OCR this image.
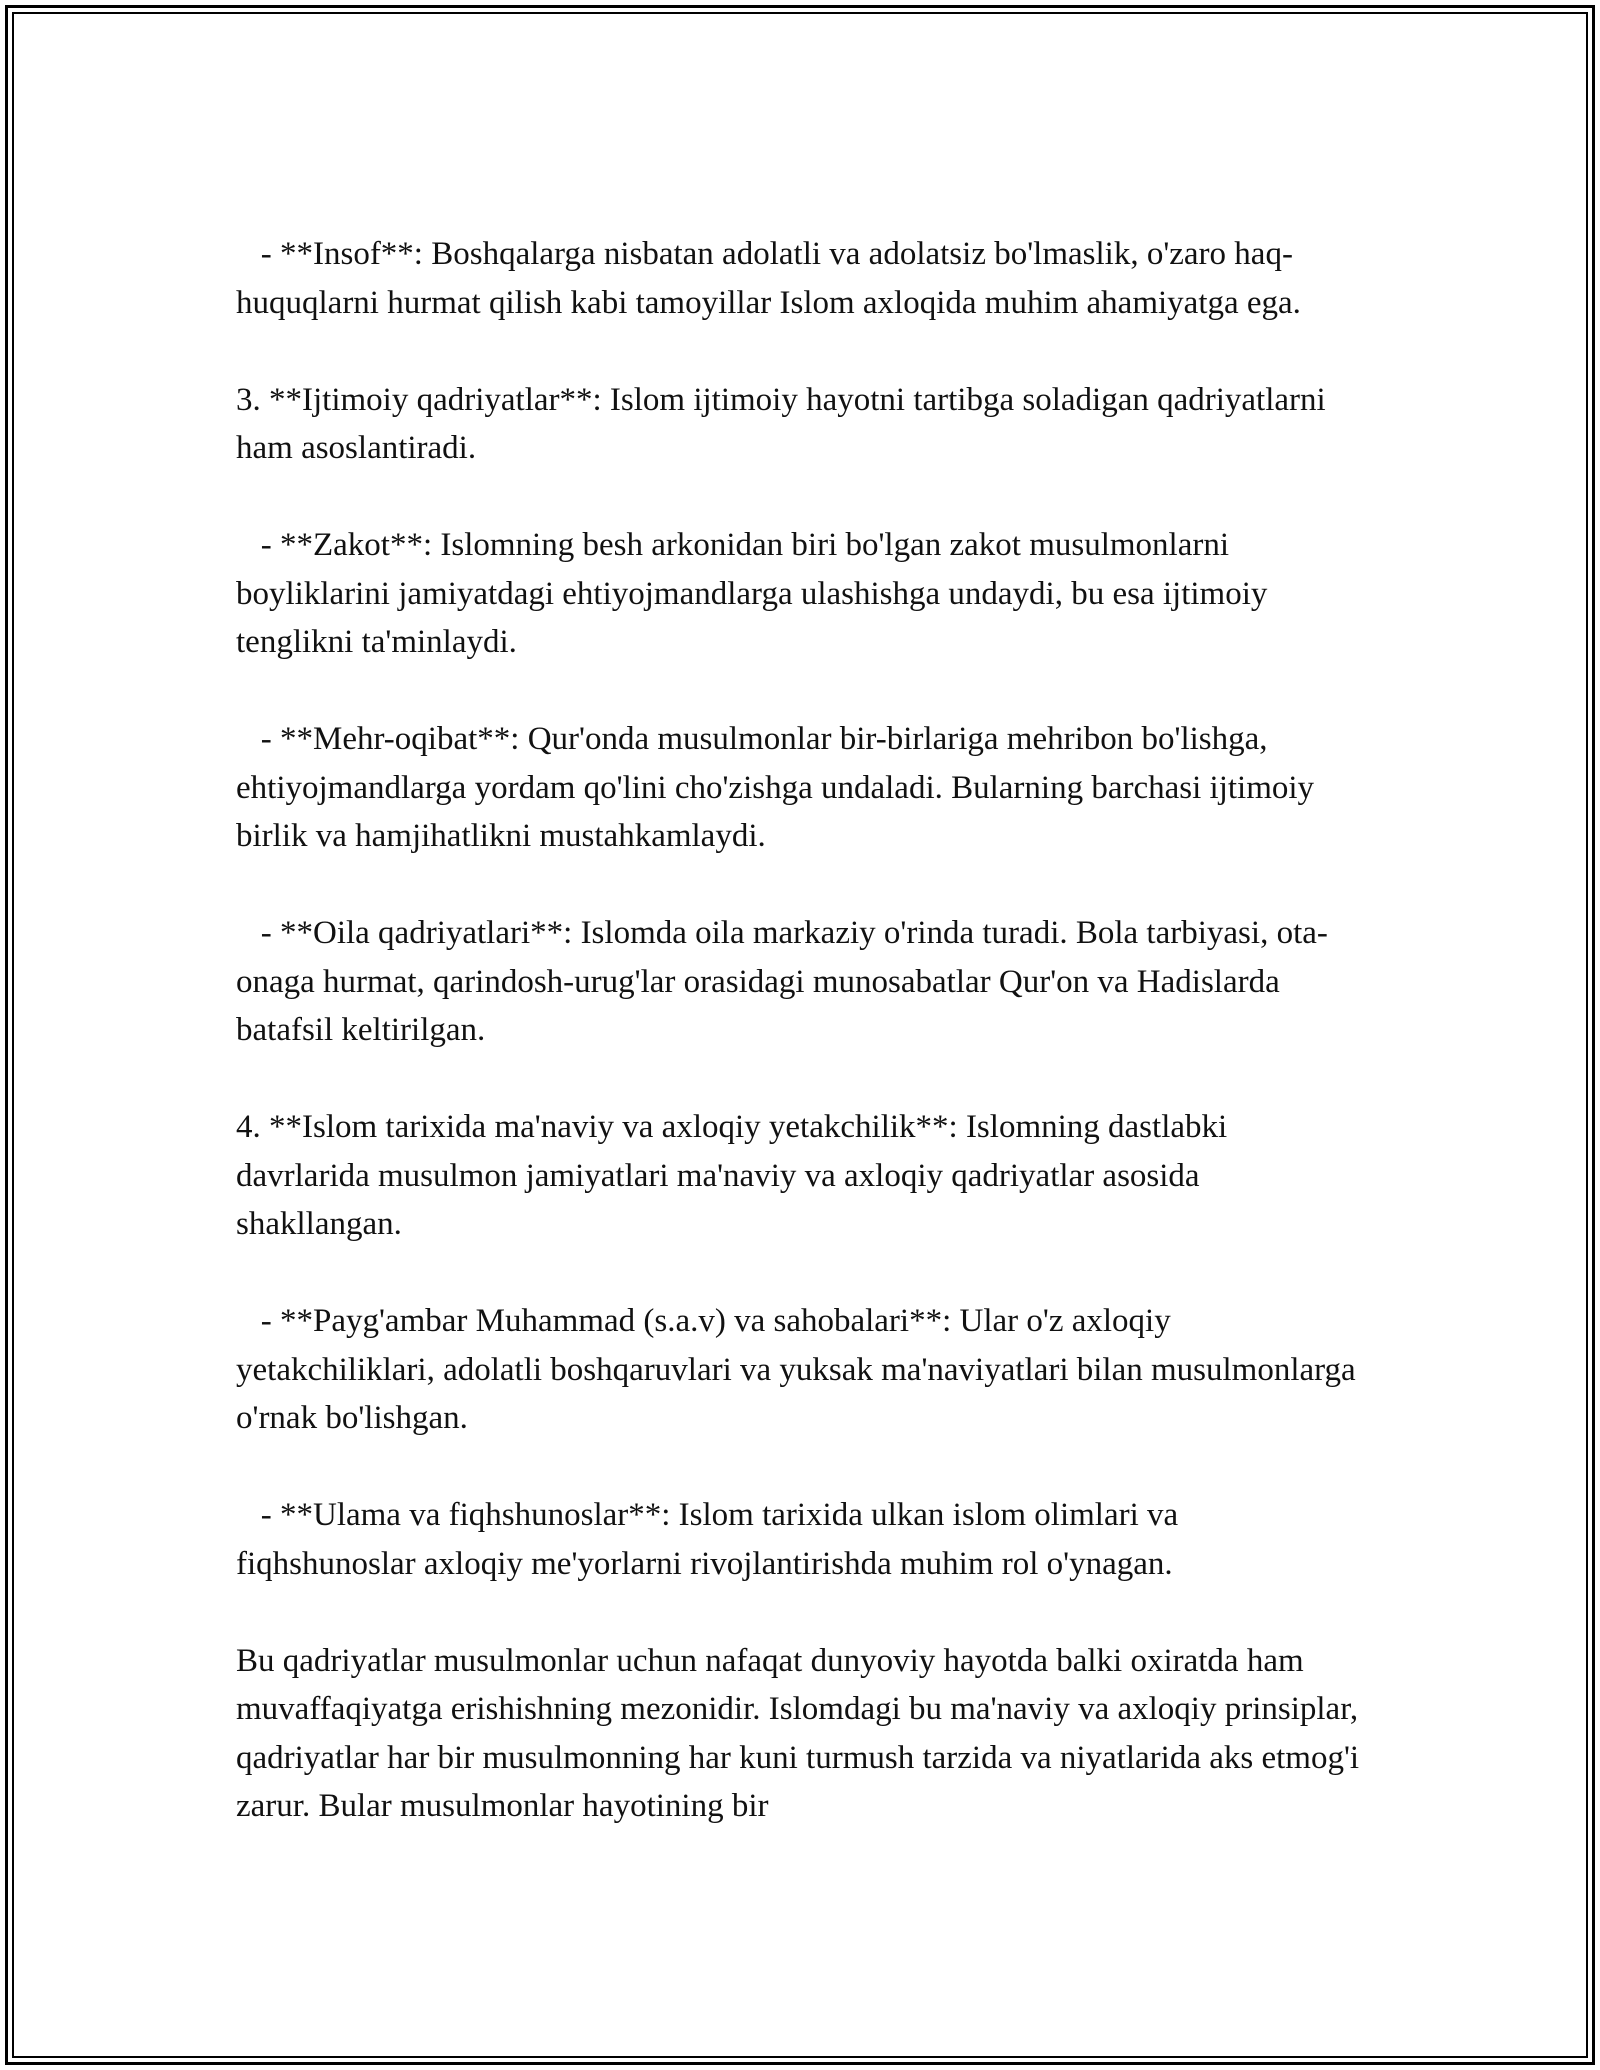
- **Insof**: Boshqalarga nisbatan adolatli va adolatsiz bo'lmaslik, o'zaro haq-huquqlarni hurmat qilish kabi tamoyillar Islom axloqida muhim ahamiyatga ega.

3. **Ijtimoiy qadriyatlar**: Islom ijtimoiy hayotni tartibga soladigan qadriyatlarni ham asoslantiradi.

- **Zakot**: Islomning besh arkonidan biri bo'lgan zakot musulmonlarni boyliklarini jamiyatdagi ehtiyojmandlarga ulashishga undaydi, bu esa ijtimoiy tenglikni ta'minlaydi.

- **Mehr-oqibat**: Qur'onda musulmonlar bir-birlariga mehribon bo'lishga, ehtiyojmandlarga yordam qo'lini cho'zishga undaladi. Bularning barchasi ijtimoiy birlik va hamjihatlikni mustahkamlaydi.

- **Oila qadriyatlari**: Islomda oila markaziy o'rinda turadi. Bola tarbiyasi, ota-onaga hurmat, qarindosh-urug'lar orasidagi munosabatlar Qur'on va Hadislarda batafsil keltirilgan.

4. **Islom tarixida ma'naviy va axloqiy yetakchilik**: Islomning dastlabki davrlarida musulmon jamiyatlari ma'naviy va axloqiy qadriyatlar asosida shakllangan.

- **Payg'ambar Muhammad (s.a.v) va sahobalari**: Ular o'z axloqiy yetakchiliklari, adolatli boshqaruvlari va yuksak ma'naviyatlari bilan musulmonlarga o'rnak bo'lishgan.

- **Ulama va fiqhshunoslar**: Islom tarixida ulkan islom olimlari va fiqhshunoslar axloqiy me'yorlarni rivojlantirishda muhim rol o'ynagan.

Bu qadriyatlar musulmonlar uchun nafaqat dunyoviy hayotda balki oxiratda ham muvaffaqiyatga erishishning mezonidir. Islomdagi bu ma'naviy va axloqiy prinsiplar, qadriyatlar har bir musulmonning har kuni turmush tarzida va niyatlarida aks etmog'i zarur. Bular musulmonlar hayotining bir
